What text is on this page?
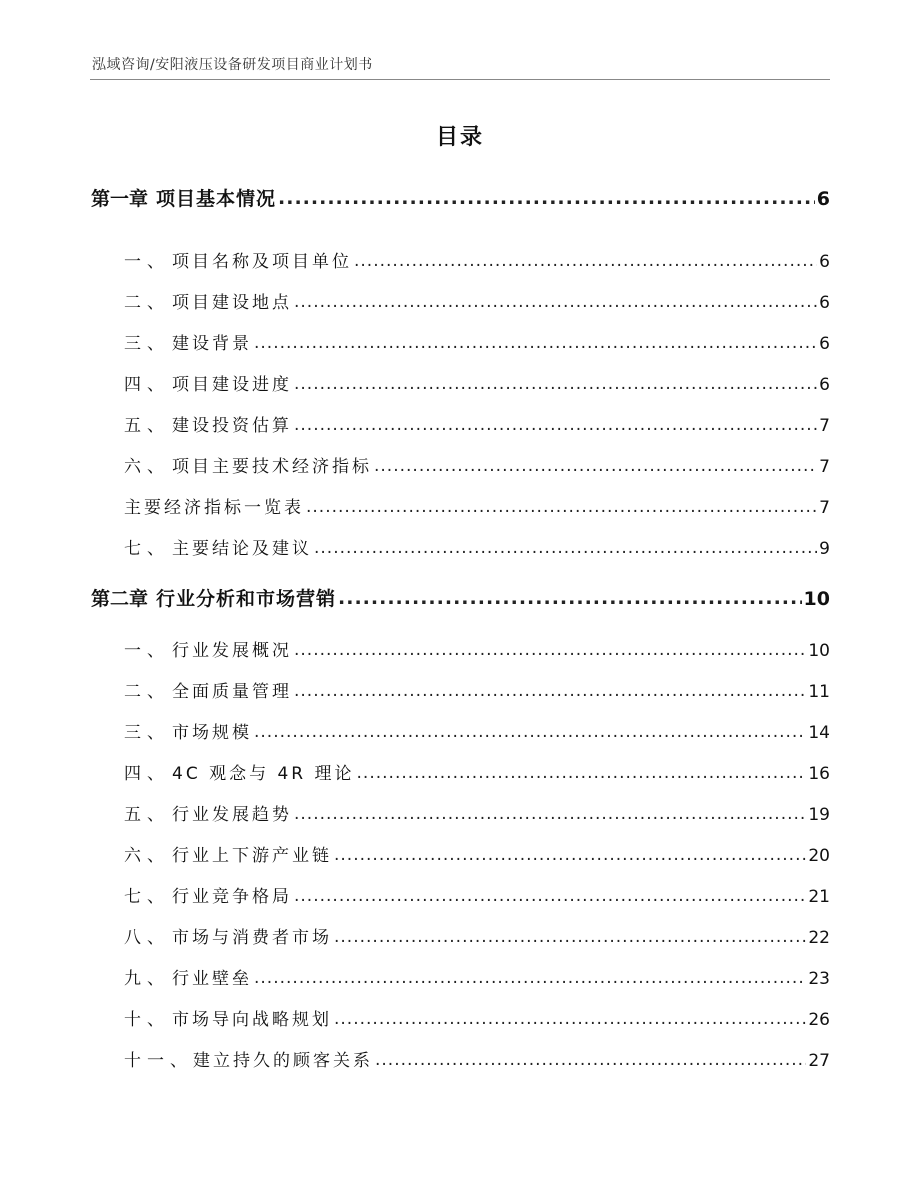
泓域咨询/安阳液压设备研发项目商业计划书
目录
第一章 项目基本情况 .....	6
一、 项目名称及项目单位 .....	6
二、 项目建设地点 .....	6
三、 建设背景 .....	6
四、 项目建设进度 .....	6
五、 建设投资估算 .....	7
六、 项目主要技术经济指标 .....	7
主要经济指标一览表 .....	7
七、 主要结论及建议 .....	9
第二章 行业分析和市场营销 .....	10
一、 行业发展概况 .....	10
二、 全面质量管理 .....	11
三、 市场规模 .....	14
四、 4C 观念与 4R 理论 .....	16
五、 行业发展趋势 .....	19
六、 行业上下游产业链 .....	20
七、 行业竞争格局 .....	21
八、 市场与消费者市场 .....	22
九、 行业壁垒 .....	23
十、 市场导向战略规划 .....	26
十一、 建立持久的顾客关系 .....	27
